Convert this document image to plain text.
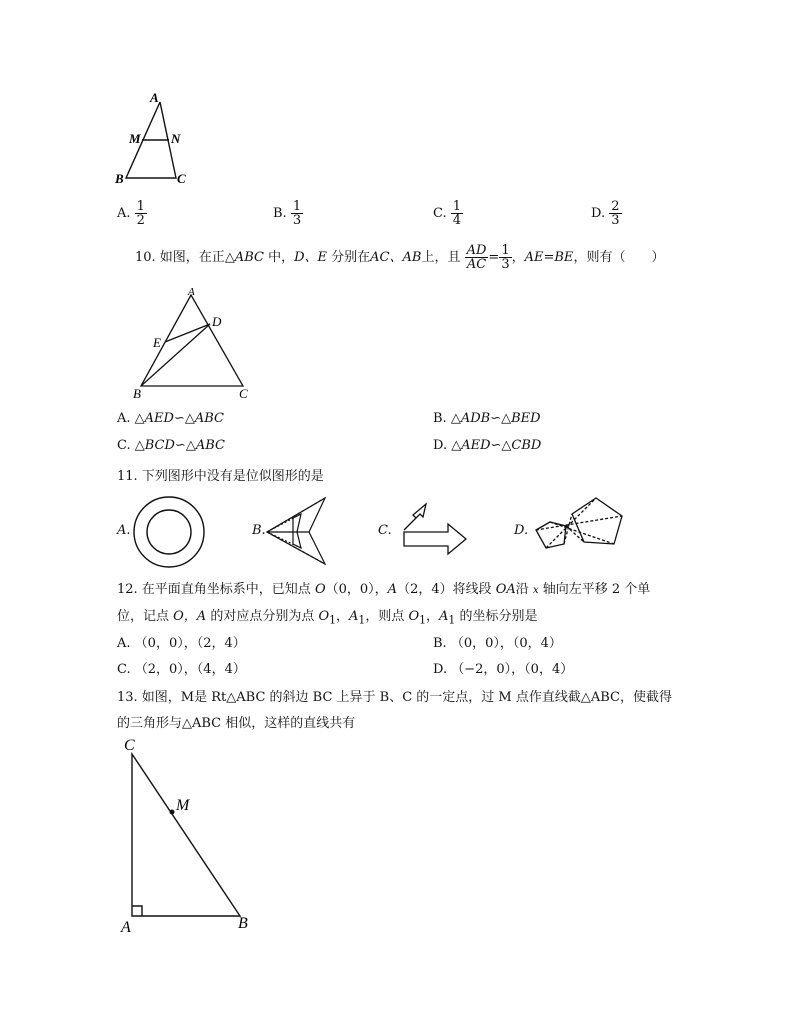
A
M N
B	C
A. $\frac{1}{2}$	B. $\frac{1}{3}$	C. $\frac{1}{4}$	D. $\frac{2}{3}$
10. 如图，在正△ABC 中，D、E 分别在AC、AB上，且 $\frac{AD}{AC} = \frac{1}{3}$ ，AE=BE，则有（　　）
A
D
E
B	C
A. △AED∽△ABC	B. △ADB∽△BED
C. △BCD∽△ABC	D. △AED∽△CBD
11. 下列图形中没有是位似图形的是
A.	B.	C.	D.
12. 在平面直角坐标系中，已知点 O（0，0），A（2，4）将线段 OA沿 x 轴向左平移 2 个单
位，记点 O，A 的对应点分别为点 $O_1$，$A_1$，则点 $O_1$，$A_1$ 的坐标分别是
A. （0，0），（2，4）	B. （0，0），（0，4）
C. （2，0），（4，4）	D. （−2，0），（0，4）
13. 如图，M是 Rt△ABC 的斜边 BC 上异于 B、C 的一定点，过 M 点作直线截△ABC，使截得
的三角形与△ABC 相似，这样的直线共有
C
M
A	B
